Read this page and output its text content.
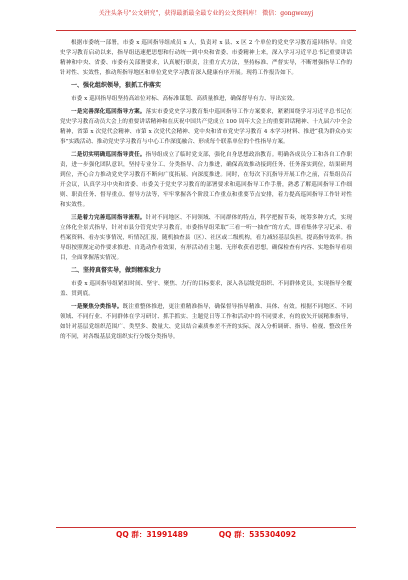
关注头条号"公文研究"，获得最新最全最专业的公文资料库！ 微信：gongwenyj

根据市委统一部署，市委 x 巡回指导组成员 x 人，负责对 x 县、x 区 2 个单位的党史学习教育巡回指导。自党史学习教育启动以来，指导组迅速把思想和行动统一到中央和省委、市委精神上来，深入学习习近平总书记重要讲话精神和中央、省委、市委有关部署要求，认真履行职责，注重方式方法，坚持标准、严督实导，不断增强指导工作的针对性、实效性，推动所指导地区和单位党史学习教育深入健康有序开展。现将工作报告如下。

一、强化组织领导，狠抓工作落实

市委 x 巡回指导组坚持高站位对标、高标准谋划、高质量推进，确保督导有力、导出实效。

一是完善深化巡回指导方案。落实市委党史学习教育集中巡回指导工作方案要求，紧紧围绕学习习近平总书记在党史学习教育动员大会上的重要讲话精神和在庆祝中国共产党成立 100 周年大会上的重要讲话精神、十九届六中全会精神，省第 x 次党代会精神、市第 x 次党代会精神、党中央和省市党史学习教育 4 本学习材料、推进“我为群众办实事”实践活动、推动党史学习教育与中心工作深度融合、形成每个联系单位的个性指导方案。

二是切实明确巡回指导责任。指导组成立了临时党支部，强化自身思想政治教育。明确各成员分工和各自工作职责，进一步强化团队意识，坚持专业分工、分类指导、合力推进，确保高效推动接到任务、任务落实到位，结果研判到位，齐心合力推动党史学习教育不断向广度拓展、向深度推进。同时，在每次下沉指导开展工作之前，召集组员召开会议，认真学习中央和省委、市委关于党史学习教育的部署要求和巡回指导工作手册，熟悉了解巡回指导工作细则、职责任务、督导重点、督导方法等，牢牢掌握各个阶段工作重点和重要节点安排，着力提高巡回指导工作针对性和实效性。

三是着力完善巡回指导流程。针对不同地区、不同领域、不同群体的特点，科学把握节奏，统筹多种方式，实现立体化全景式指导，针对市县分管党史学习教育，市委指导组采取“三看一听一抽查”的方式，即看集体学习记录、看档案资料、看办实事情况，听情况汇报，随机抽查县（区）、社区或二级机构，看力减轻基层负担，提高指导效率。指导组按照规定动作要求推进、自选动作看效果，有形活动看主题、无形收获看思想，确保检查有内容、实地指导看项目，全面掌握落实情况。

二、坚持真督实导，做到精准发力

市委 x 巡回指导组紧扣时间、坚守、聚焦、力行的目标要求，深入各层级党组织、不同群体党员，实现指导全覆盖、贯到底。

一是聚焦分类指导。既注重整体推进，更注重精准指导，确保督导指导精准、具体、有效。根据不同地区、不同领域、不同行业、不同群体在学习研讨、抓手抓实、主题党日等工作和活动中的不同要求，有的放矢开展精准指导，如针对基层党组织范围广、类型多、数量大、党员结合素质参差不齐的实际，深入分析调研、指导、检视、整改任务的不同，对各级基层党组织实行分级分类指导。

QQ 群：31991489	QQ 群：535304092
